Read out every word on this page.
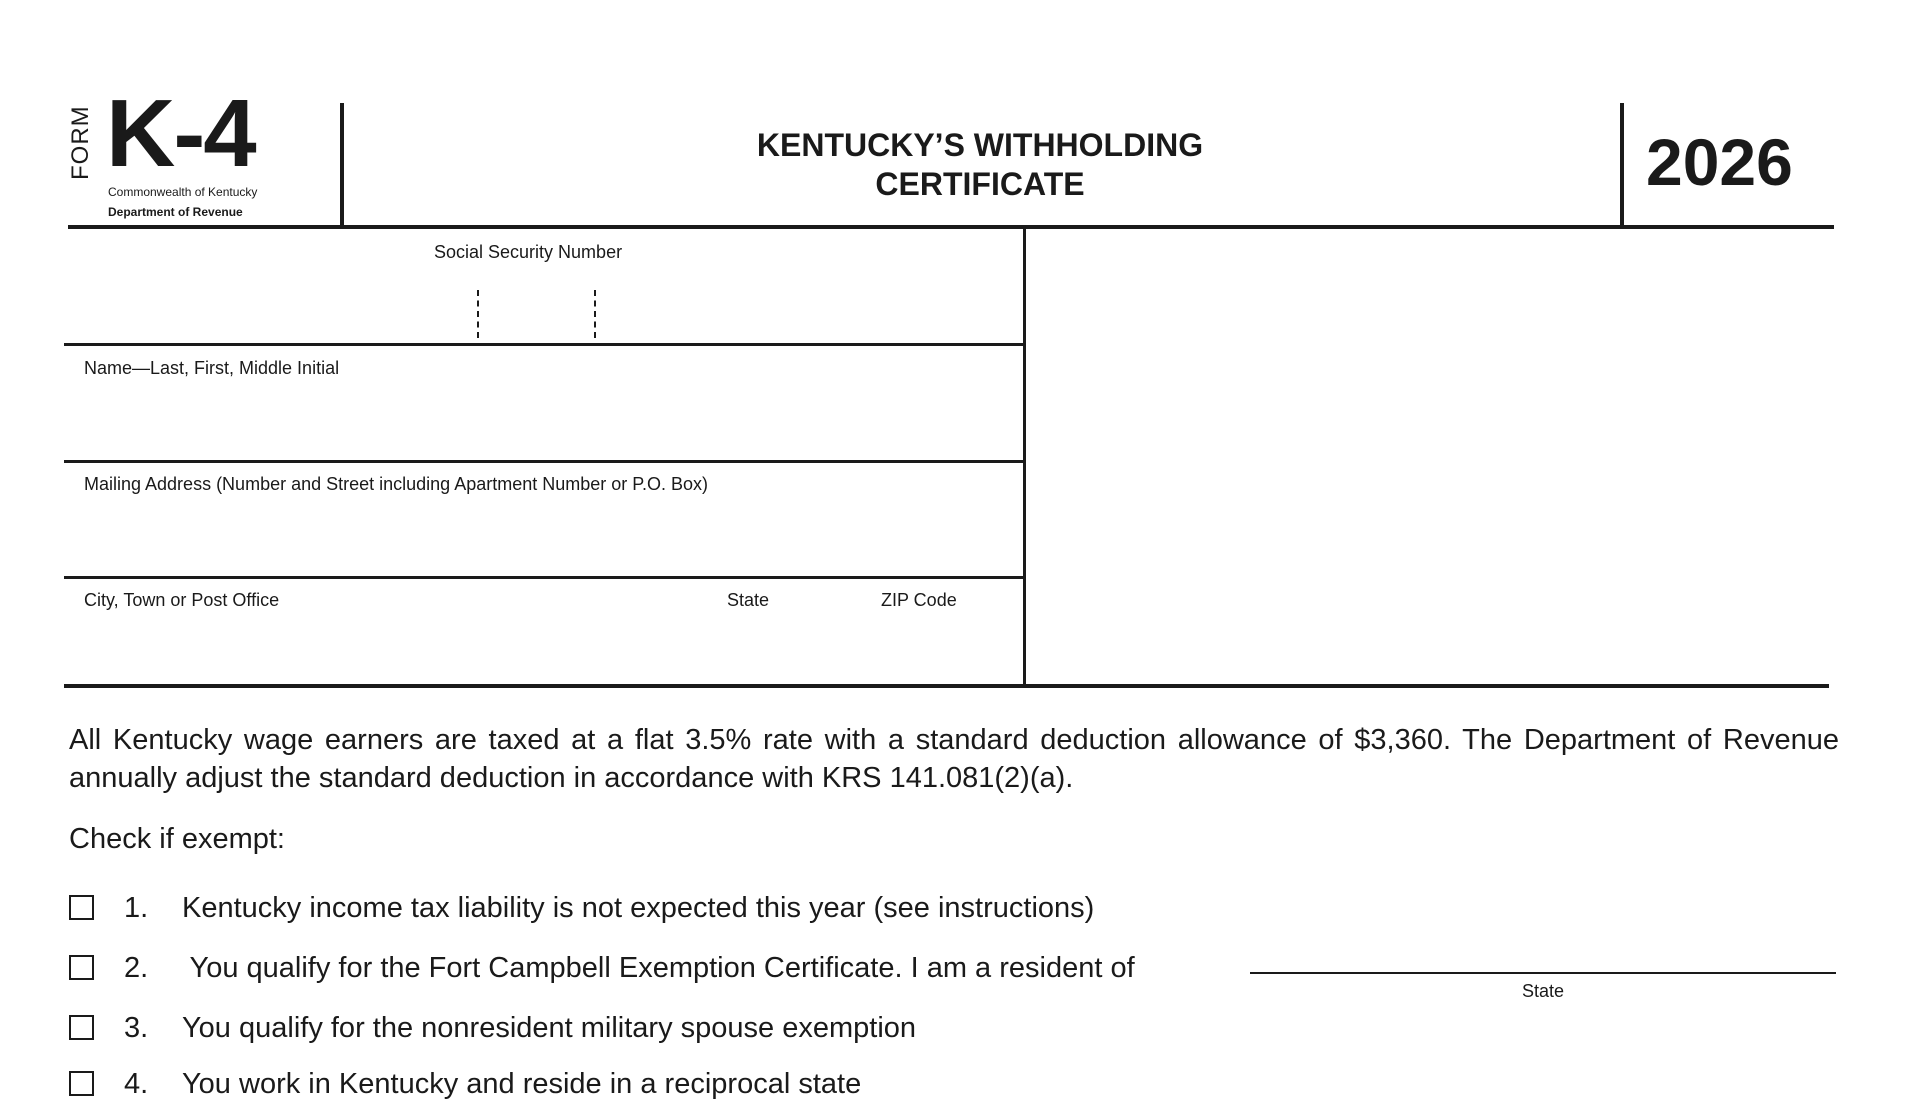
FORM K-4
Commonwealth of Kentucky
Department of Revenue
KENTUCKY’S WITHHOLDING
CERTIFICATE	2026
Social Security Number
Name—Last, First, Middle Initial
Mailing Address (Number and Street including Apartment Number or P.O. Box)
City, Town or Post Office	State	ZIP Code
All Kentucky wage earners are taxed at a flat 3.5% rate with a standard deduction allowance of $3,360. The Department of Revenue annually adjust the standard deduction in accordance with KRS 141.081(2)(a).
Check if exempt:
1. Kentucky income tax liability is not expected this year (see instructions)
2. You qualify for the Fort Campbell Exemption Certificate. I am a resident of
State
3. You qualify for the nonresident military spouse exemption
4. You work in Kentucky and reside in a reciprocal state
